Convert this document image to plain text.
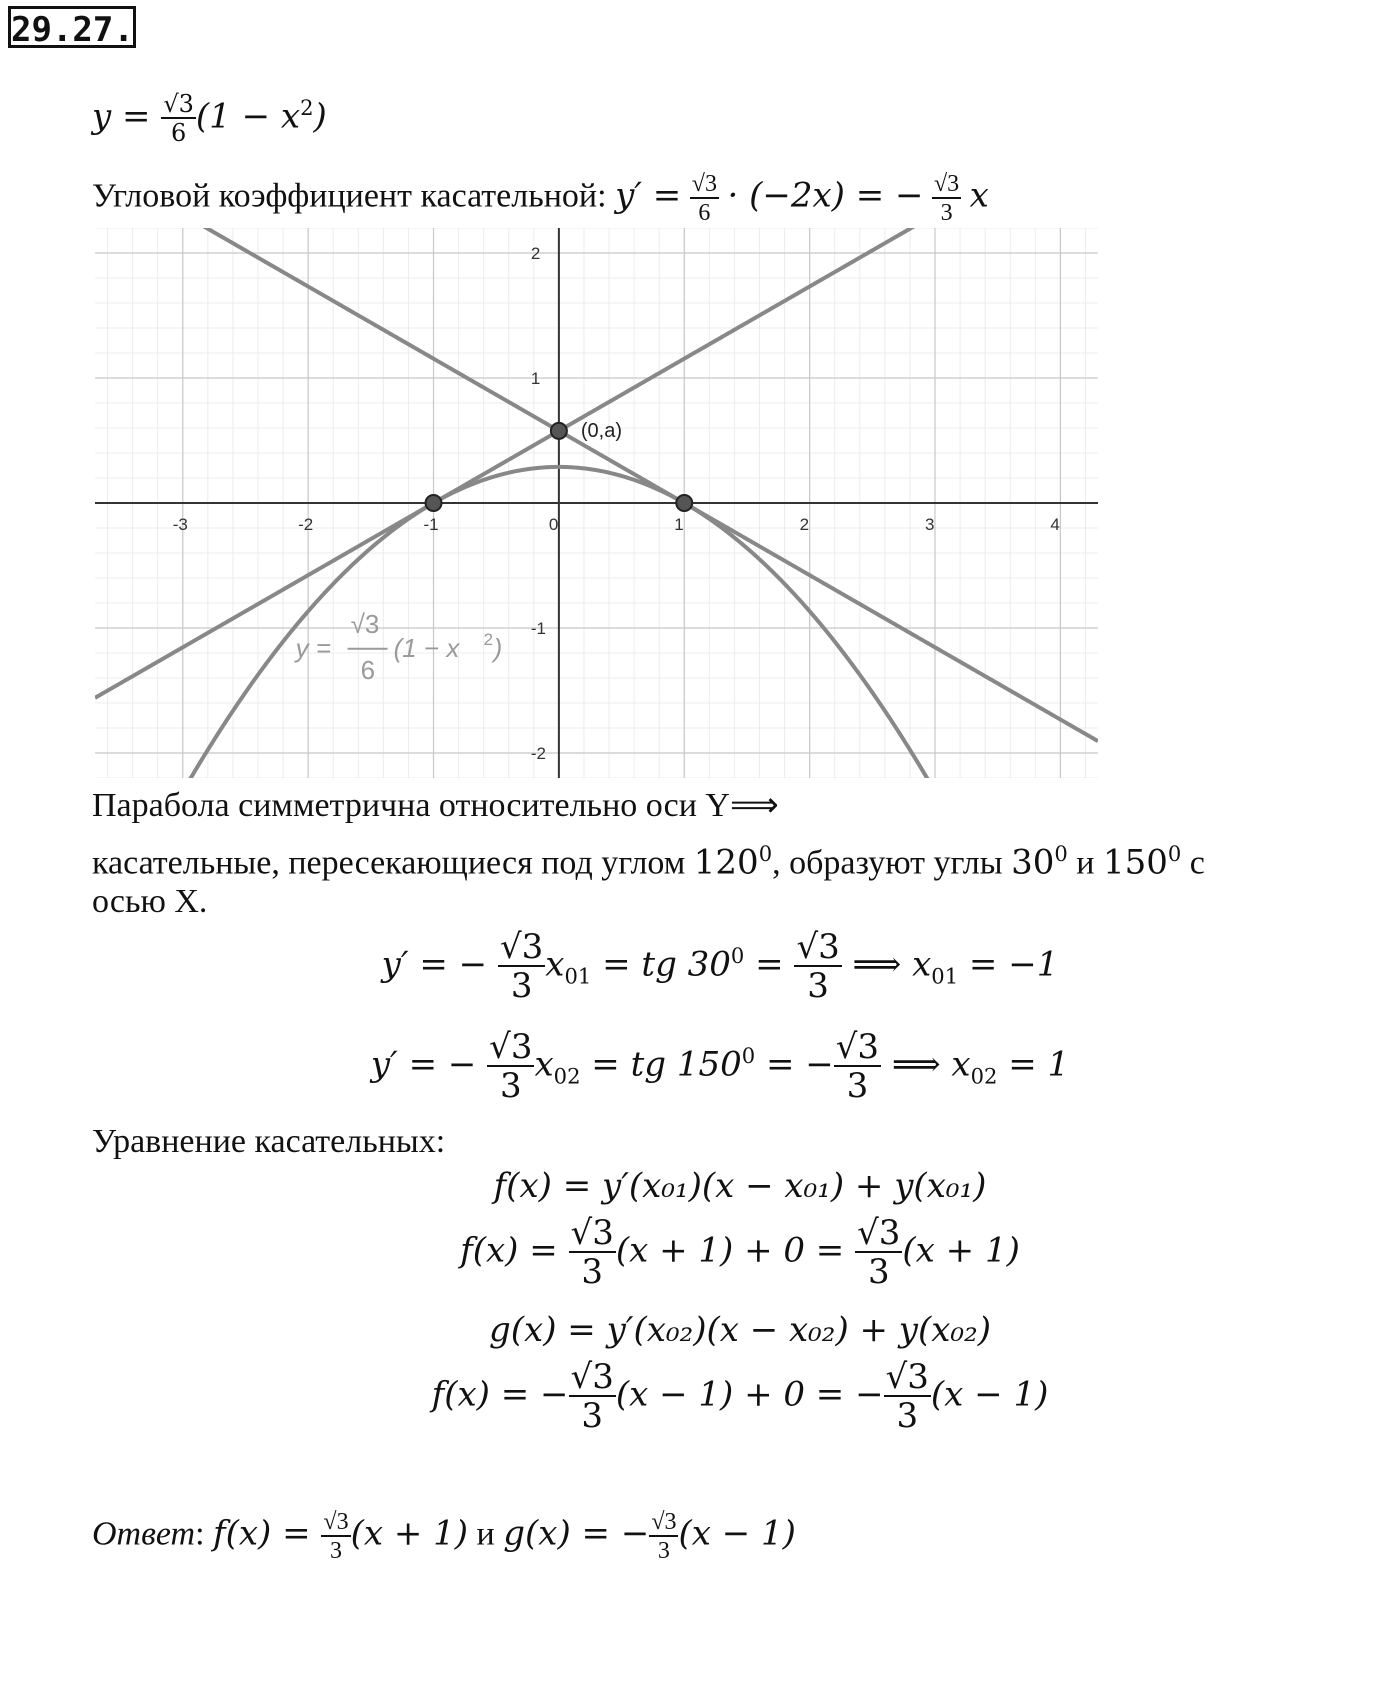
29.27.
$y = \frac{√3}{6} (1 - x^2)$
Угловой коэффициент касательной: $y' = \frac{√3}{6} \cdot (-2x)$ = − $\frac{√3}{3}$ x
-3	-2	-1	0	1	2	3	4
2
1
-1
-2
(0,a)
y =
√3
6
(1 − x 2 )
Парабола симметрична относительно оси Y⟹
касательные, пересекающиеся под углом $120^0$, образуют углы $30^0$ и $150^0$ с
осью X.
y′ = − $\frac{√3}{3} x_{01}$ = tg $30^0 = \frac{√3}{3}$ ⟹ $x_{01} = -1$
y′ = − $\frac{√3}{3} x_{02}$ = tg $150^0$ = − $\frac{√3}{3}$ ⟹ $x_{02} = 1$
Уравнение касательных:
f(x) = y′(x₀₁)(x − x₀₁) + y(x₀₁)
$f(x) = \frac{√3}{3} (x + 1) + 0 = \frac{√3}{3} (x + 1)$
g(x) = y′(x₀₂)(x − x₀₂) + y(x₀₂)
f(x) = − $\frac{√3}{3} (x - 1) + 0$ = − $\frac{√3}{3} (x - 1)$
Ответ: $f(x) = \frac{√3}{3} (x + 1)$ и g(x) = − $\frac{√3}{3} (x - 1)$
